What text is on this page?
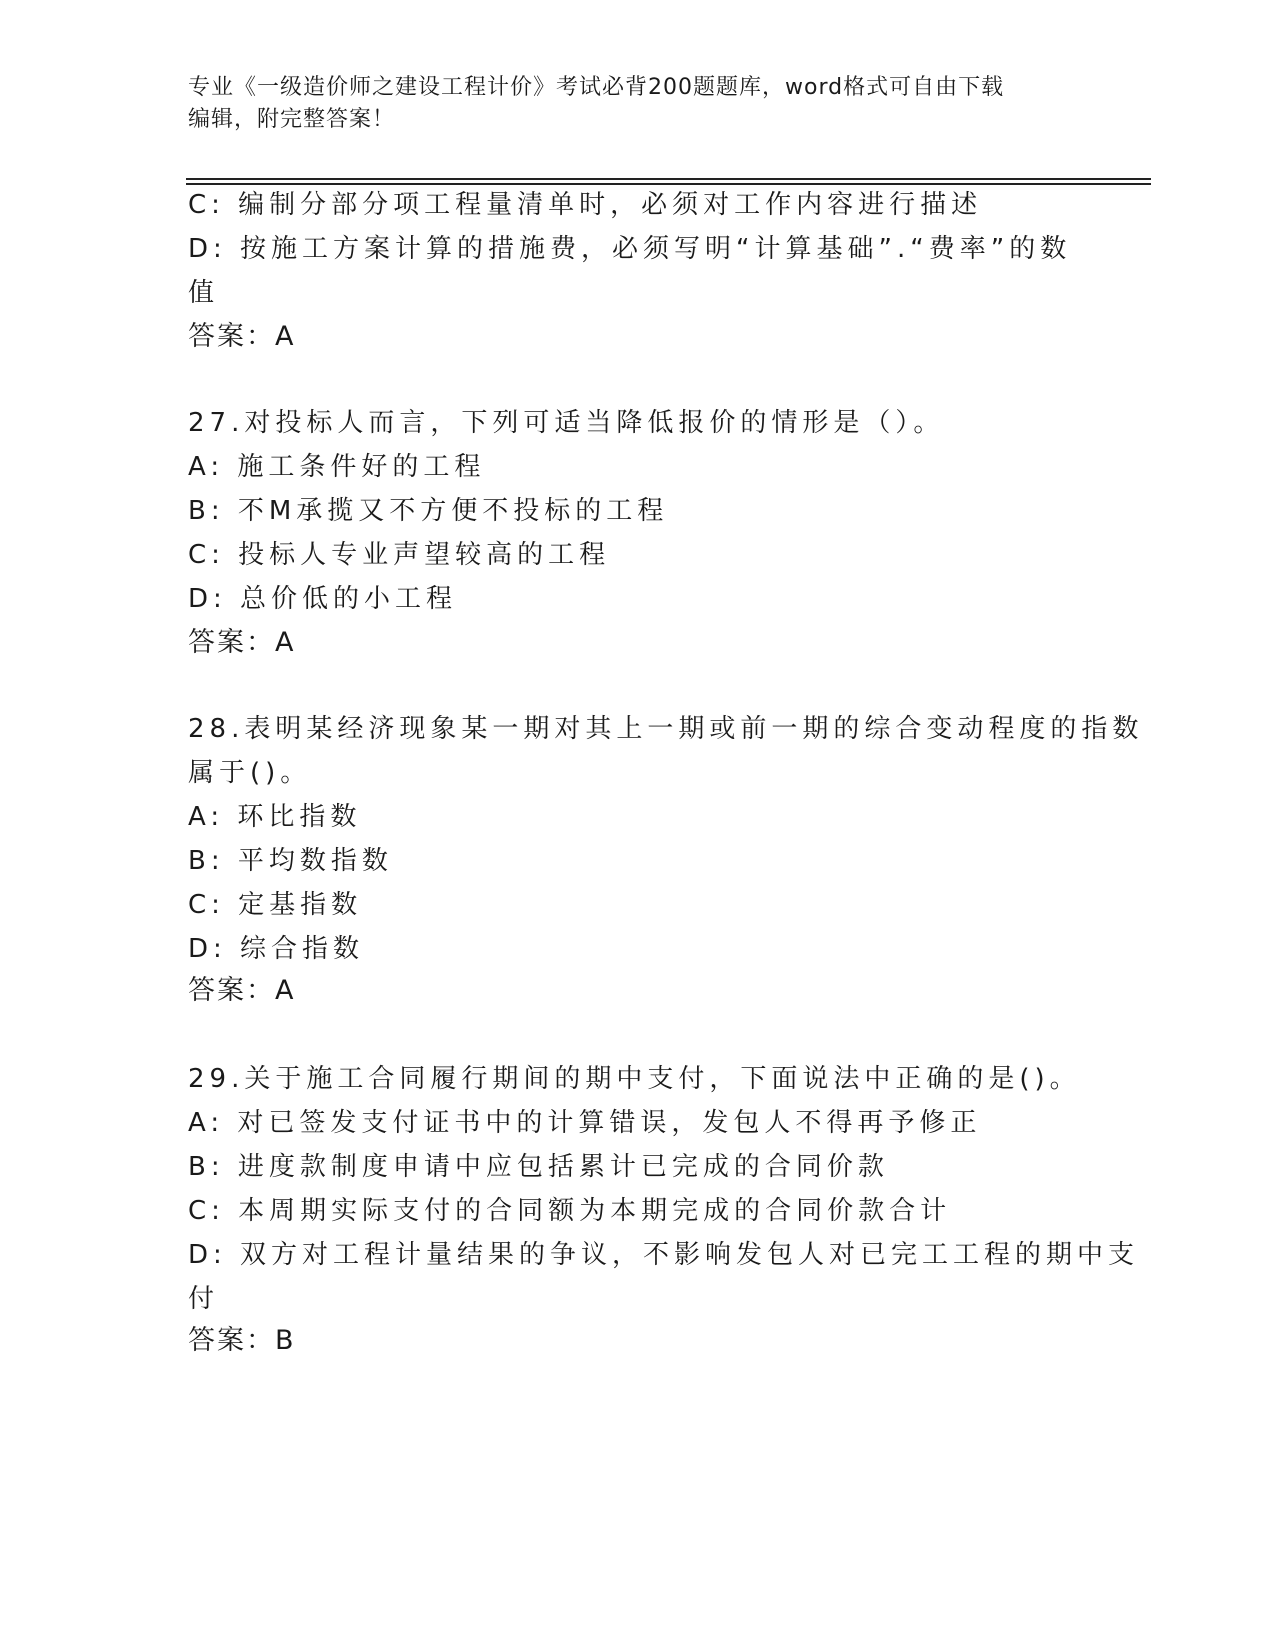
专业《一级造价师之建设工程计价》考试必背200题题库，word格式可自由下载
编辑，附完整答案！
C: 编制分部分项工程量清单时，必须对工作内容进行描述
D: 按施工方案计算的措施费，必须写明“计算基础”.“费率”的数
值
答案：A
27.对投标人而言，下列可适当降低报价的情形是（）。
A: 施工条件好的工程
B: 不M承揽又不方便不投标的工程
C: 投标人专业声望较高的工程
D: 总价低的小工程
答案：A
28.表明某经济现象某一期对其上一期或前一期的综合变动程度的指数
属于()。
A: 环比指数
B: 平均数指数
C: 定基指数
D: 综合指数
答案：A
29.关于施工合同履行期间的期中支付，下面说法中正确的是()。
A: 对已签发支付证书中的计算错误，发包人不得再予修正
B: 进度款制度申请中应包括累计已完成的合同价款
C: 本周期实际支付的合同额为本期完成的合同价款合计
D: 双方对工程计量结果的争议，不影响发包人对已完工工程的期中支
付
答案：B
